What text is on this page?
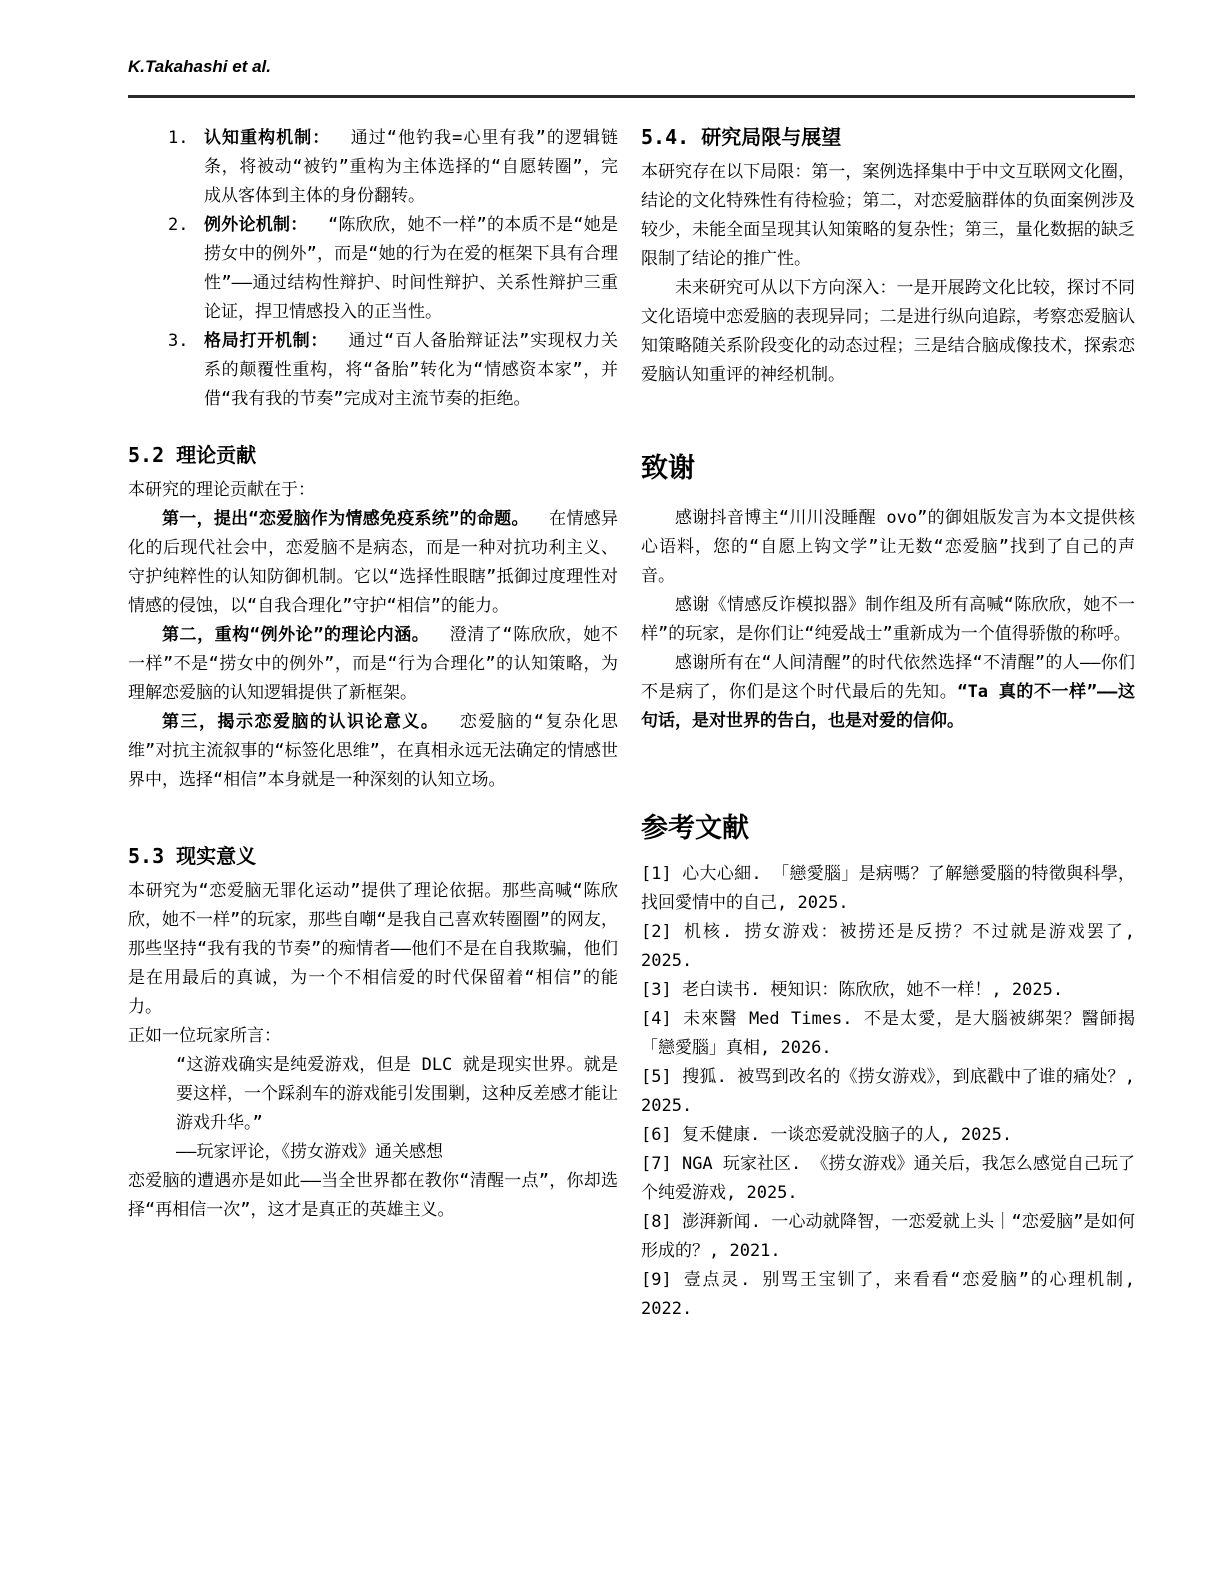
K.Takahashi et al.
1. 认知重构机制： 通过“他钓我=心里有我”的逻辑链条，将被动“被钓”重构为主体选择的“自愿转圈”，完成从客体到主体的身份翻转。
2. 例外论机制： “陈欣欣，她不一样”的本质不是“她是捞女中的例外”，而是“她的行为在爱的框架下具有合理性”——通过结构性辩护、时间性辩护、关系性辩护三重论证，捍卫情感投入的正当性。
3. 格局打开机制： 通过“百人备胎辩证法”实现权力关系的颠覆性重构，将“备胎”转化为“情感资本家”，并借“我有我的节奏”完成对主流节奏的拒绝。
5.2 理论贡献

本研究的理论贡献在于：

第一，提出“恋爱脑作为情感免疫系统”的命题。 在情感异化的后现代社会中，恋爱脑不是病态，而是一种对抗功利主义、守护纯粹性的认知防御机制。它以“选择性眼瞎”抵御过度理性对情感的侵蚀，以“自我合理化”守护“相信”的能力。

第二，重构“例外论”的理论内涵。 澄清了“陈欣欣，她不一样”不是“捞女中的例外”，而是“行为合理化”的认知策略，为理解恋爱脑的认知逻辑提供了新框架。

第三，揭示恋爱脑的认识论意义。 恋爱脑的“复杂化思维”对抗主流叙事的“标签化思维”，在真相永远无法确定的情感世界中，选择“相信”本身就是一种深刻的认知立场。

5.3 现实意义

本研究为“恋爱脑无罪化运动”提供了理论依据。那些高喊“陈欣欣，她不一样”的玩家，那些自嘲“是我自己喜欢转圈圈”的网友，那些坚持“我有我的节奏”的痴情者——他们不是在自我欺骗，他们是在用最后的真诚，为一个不相信爱的时代保留着“相信”的能力。

正如一位玩家所言：

“这游戏确实是纯爱游戏，但是 DLC 就是现实世界。就是要这样，一个踩刹车的游戏能引发围剿，这种反差感才能让游戏升华。”

——玩家评论，《捞女游戏》通关感想

恋爱脑的遭遇亦是如此——当全世界都在教你“清醒一点”，你却选择“再相信一次”，这才是真正的英雄主义。

5.4. 研究局限与展望

本研究存在以下局限：第一，案例选择集中于中文互联网文化圈，结论的文化特殊性有待检验；第二，对恋爱脑群体的负面案例涉及较少，未能全面呈现其认知策略的复杂性；第三，量化数据的缺乏限制了结论的推广性。

未来研究可从以下方向深入：一是开展跨文化比较，探讨不同文化语境中恋爱脑的表现异同；二是进行纵向追踪，考察恋爱脑认知策略随关系阶段变化的动态过程；三是结合脑成像技术，探索恋爱脑认知重评的神经机制。

致谢

感谢抖音博主“川川没睡醒 ovo”的御姐版发言为本文提供核心语料，您的“自愿上钩文学”让无数“恋爱脑”找到了自己的声音。

感谢《情感反诈模拟器》制作组及所有高喊“陈欣欣，她不一样”的玩家，是你们让“纯爱战士”重新成为一个值得骄傲的称呼。

感谢所有在“人间清醒”的时代依然选择“不清醒”的人——你们不是病了，你们是这个时代最后的先知。“Ta 真的不一样”——这句话，是对世界的告白，也是对爱的信仰。

参考文献
[1] 心大心細. 「戀愛腦」是病嗎？了解戀愛腦的特徵與科學，找回愛情中的自己, 2025.
[2] 机核. 捞女游戏：被捞还是反捞？不过就是游戏罢了, 2025.
[3] 老白读书. 梗知识：陈欣欣，她不一样！, 2025.
[4] 未來醫 Med Times. 不是太愛，是大腦被綁架？醫師揭「戀愛腦」真相, 2026.
[5] 搜狐. 被骂到改名的《捞女游戏》，到底戳中了谁的痛处？, 2025.
[6] 复禾健康. 一谈恋爱就没脑子的人, 2025.
[7] NGA 玩家社区. 《捞女游戏》通关后，我怎么感觉自己玩了个纯爱游戏, 2025.
[8] 澎湃新闻. 一心动就降智，一恋爱就上头｜“恋爱脑”是如何形成的？, 2021.
[9] 壹点灵. 别骂王宝钏了，来看看“恋爱脑”的心理机制, 2022.
